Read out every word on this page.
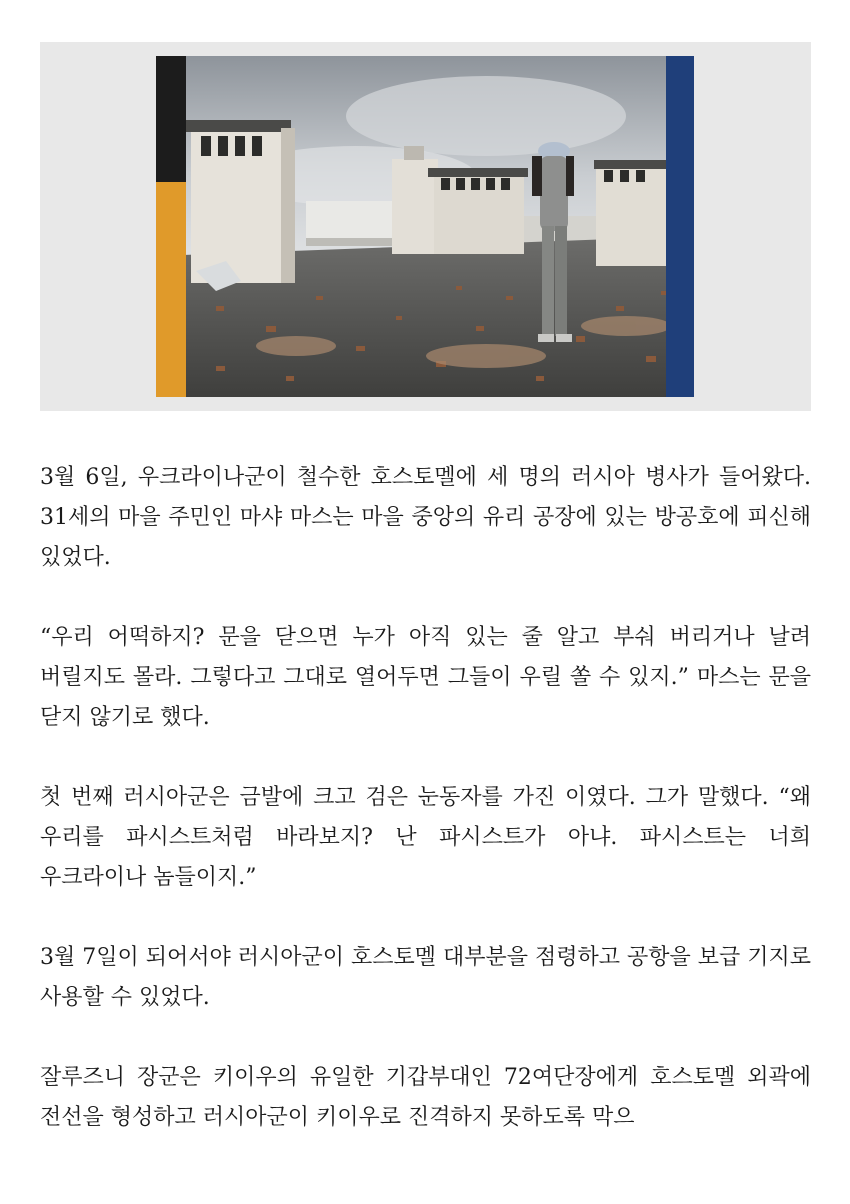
3월 6일, 우크라이나군이 철수한 호스토멜에 세 명의 러시아 병사가 들어왔다. 31세의 마을 주민인 마샤 마스는 마을 중앙의 유리 공장에 있는 방공호에 피신해 있었다.

“우리 어떡하지? 문을 닫으면 누가 아직 있는 줄 알고 부숴 버리거나 날려 버릴지도 몰라. 그렇다고 그대로 열어두면 그들이 우릴 쏠 수 있지.” 마스는 문을 닫지 않기로 했다.

첫 번째 러시아군은 금발에 크고 검은 눈동자를 가진 이였다. 그가 말했다. “왜 우리를 파시스트처럼 바라보지? 난 파시스트가 아냐. 파시스트는 너희 우크라이나 놈들이지.”

3월 7일이 되어서야 러시아군이 호스토멜 대부분을 점령하고 공항을 보급 기지로 사용할 수 있었다.

잘루즈니 장군은 키이우의 유일한 기갑부대인 72여단장에게 호스토멜 외곽에 전선을 형성하고 러시아군이 키이우로 진격하지 못하도록 막으
